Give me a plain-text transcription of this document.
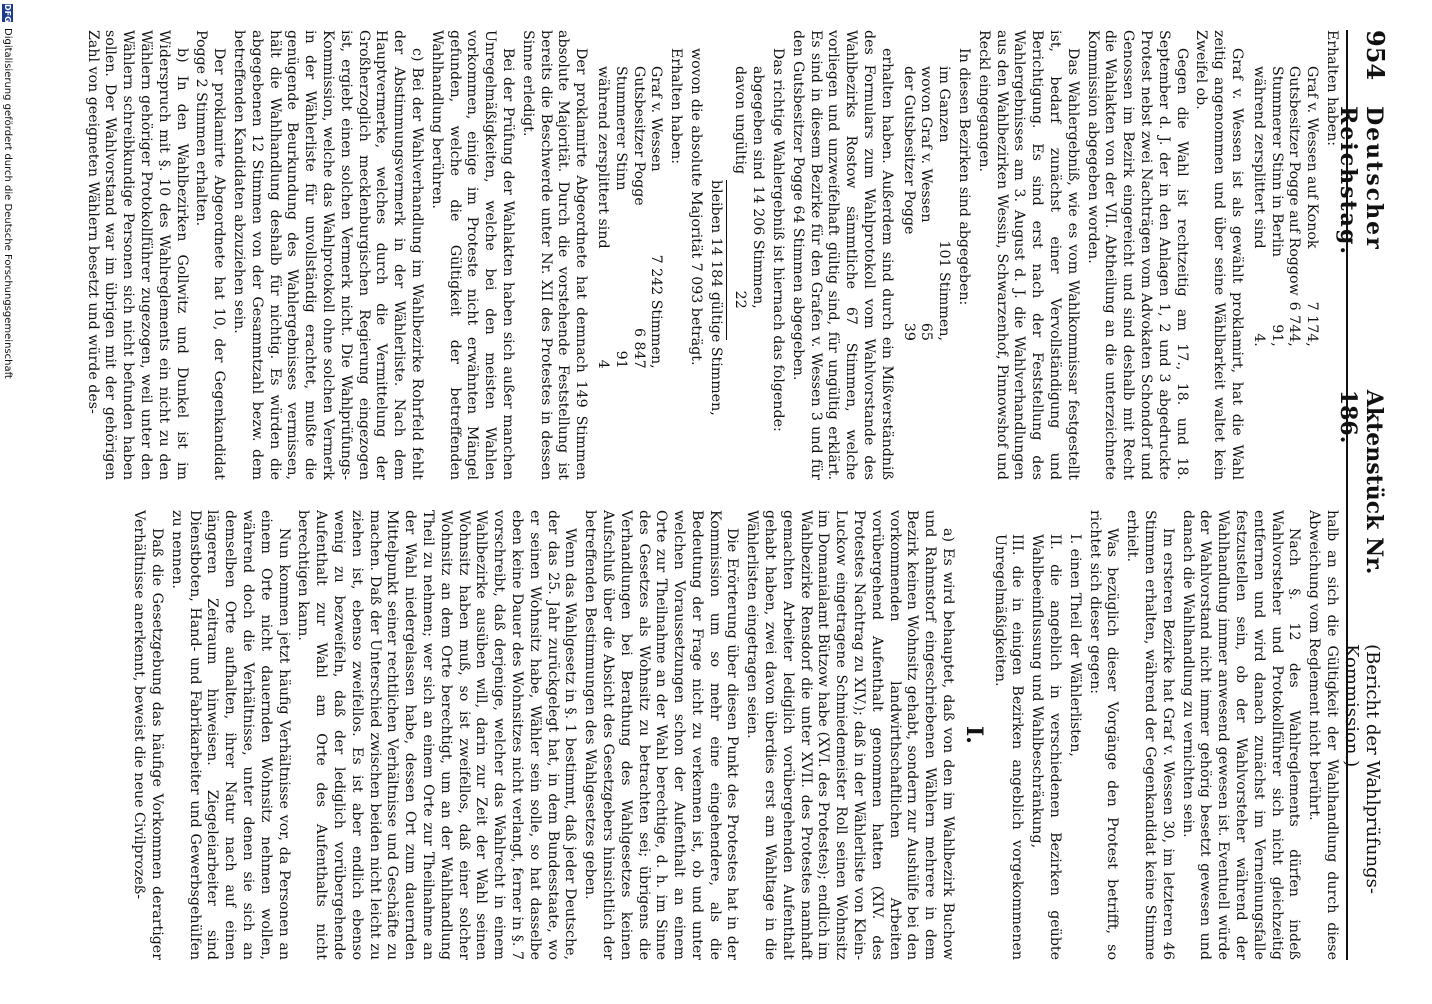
954
Deutscher Reichstag.
Aktenstück Nr. 186.
(Bericht der Wahlprüfungs-Kommission.)

Erhalten haben:

Graf v. Wessen auf Konok	7 174,
Gutsbesitzer Pogge auf Roggow	6 744,
Stummerer Stinn in Berlin	91,
während zersplittert sind	4.

Graf v. Wessen ist als gewählt proklamirt, hat die Wahl zeitig angenommen und über seine Wählbarkeit waltet kein Zweifel ob.

Gegen die Wahl ist rechtzeitig am 17., 18. und 18. September d. J. der in den Anlagen 1, 2 und 3 abgedruckte Protest nebst zwei Nachträgen vom Advokaten Schondorf und Genossen im Bezirk eingereicht und sind deshalb mit Recht die Wahlakten von der VII. Abtheilung an die unterzeichnete Kommission abgegeben worden.

Das Wahlergebniß, wie es vom Wahlkommissar festgestellt ist, bedarf zunächst einer Vervollständigung und Berichtigung. Es sind erst nach der Feststellung des Wahlergebnisses am 3. August d. J. die Wahlverhandlungen aus den Wahlbezirken Wessin, Schwarzenhof, Pinnowshof und Reckl eingegangen.

In diesen Bezirken sind abgegeben:

im Ganzen	101 Stimmen,
wovon Graf v. Wessen	65
der Gutsbesitzer Pogge	39

erhalten haben. Außerdem sind durch ein Mißverständniß des Formulars zum Wahlprotokoll vom Wahlvorstande des Wahlbezirks Rostow sämmtliche 67 Stimmen, welche vorliegen und unzweifelhaft gültig sind, für ungültig erklärt. Es sind in diesem Bezirke für den Grafen v. Wessen 3 und für den Gutsbesitzer Pogge 64 Stimmen abgegeben.

Das richtige Wahlergebniß ist hiernach das folgende:

abgegeben sind	14 206 Stimmen,
davon ungültig	22

bleiben 14 184 gültige Stimmen,

wovon die absolute Majorität 7 093 beträgt.

Erhalten haben:

Graf v. Wessen	7 242 Stimmen,
Gutsbesitzer Pogge	6 847
Stummerer Stinn	91
während zersplittert sind	4

Der proklamirte Abgeordnete hat demnach 149 Stimmen absolute Majorität. Durch die vorstehende Feststellung ist bereits die Beschwerde unter Nr. XII des Protestes in dessen Sinne erledigt.

Bei der Prüfung der Wahlakten haben sich außer manchen Unregelmäßigkeiten, welche bei den meisten Wahlen vorkommen, einige im Proteste nicht erwähnten Mängel gefunden, welche die Gültigkeit der betreffenden Wahlhandlung berühren.

c) Bei der Wahlverhandlung im Wahlbezirke Rohrfeld fehlt der Abstimmungsvermerk in der Wählerliste. Nach dem Hauptvermerke, welches durch die Vermittelung der Großherzoglich mecklenburgischen Regierung eingezogen ist, ergiebt einen solchen Vermerk nicht. Die Wahlprüfungs-Kommission, welche das Wahlprotokoll ohne solchen Vermerk in der Wählerliste für unvollständig erachtet, mußte die genügende Beurkundung des Wahlergebnisses vermissen, hält die Wahlhandlung deshalb für nichtig. Es würden die abgegebenen 12 Stimmen von der Gesammtzahl bezw. dem betreffenden Kandidaten abzuziehen sein.

Der proklamirte Abgeordnete hat 10, der Gegenkandidat Pogge 2 Stimmen erhalten.

b) In den Wahlbezirken Gollwitz und Dunkel ist im Widerspruch mit §. 10 des Wahlreglements ein nicht zu den Wählern gehöriger Protokollführer zugezogen, weil unter den Wählern schreibkundige Personen sich nicht befunden haben sollen. Der Wahlvorstand war im übrigen mit der gehörigen Zahl von geeigneten Wählern besetzt und würde des-

halb an sich die Gültigkeit der Wahlhandlung durch diese Abweichung vom Reglement nicht berührt.

Nach §. 12 des Wahlreglements dürfen indeß Wahlvorsteher und Protokollführer sich nicht gleichzeitig entfernen und wird danach zunächst im Verneinungsfalle festzustellen sein, ob der Wahlvorsteher während der Wahlhandlung immer anwesend gewesen ist. Eventuell würde der Wahlvorstand nicht immer gehörig besetzt gewesen und danach die Wahlhandlung zu vernichten sein.

Im ersteren Bezirke hat Graf v. Wessen 30, im letzteren 46 Stimmen erhalten, während der Gegenkandidat keine Stimme erhielt.

Was bezüglich dieser Vorgänge den Protest betrifft, so richtet sich dieser gegen:

I. einen Theil der Wählerlisten,

II. die angeblich in verschiedenen Bezirken geübte Wahlbeeinflussung und Wahlbeschränkung,

III. die in einigen Bezirken angeblich vorgekommenen Unregelmäßigkeiten.

I.

a) Es wird behauptet, daß von den im Wahlbezirk Buchow und Rahmstorf eingeschriebenen Wählern mehrere in dem Bezirk keinen Wohnsitz gehabt, sondern zur Aushülfe bei den vorkommenden landwirthschaftlichen Arbeiten vorübergehend Aufenthalt genommen hatten (XIV. des Protestes Nachtrag zu XIV.); daß in der Wählerliste von Klein-Luckow eingetragene Schmiedemeister Roll seinen Wohnsitz im Domanialamt Bützow habe (XVI. des Protestes); endlich im Wahlbezirke Rensdorf die unter XVII. des Protestes namhaft gemachten Arbeiter lediglich vorübergehenden Aufenthalt gehabt haben, zwei davon überdies erst am Wahltage in die Wählerlisten eingetragen seien.

Die Erörterung über diesen Punkt des Protestes hat in der Kommission um so mehr eine eingehendere, als die Bedeutung der Frage nicht zu verkennen ist, ob und unter welchen Voraussetzungen schon der Aufenthalt an einem Orte zur Theilnahme an der Wahl berechtige, d. h. im Sinne des Gesetzes als Wohnsitz zu betrachten sei; übrigens die Verhandlungen bei Berathung des Wahlgesetzes keinen Aufschluß über die Absicht des Gesetzgebers hinsichtlich der betreffenden Bestimmungen des Wahlgesetzes geben.

Wenn das Wahlgesetz in §. 1 bestimmt, daß jeder Deutsche, der das 25. Jahr zurückgelegt hat, in dem Bundesstaate, wo er seinen Wohnsitz habe, Wähler sein solle, so hat dasselbe eben keine Dauer des Wohnsitzes nicht verlangt, ferner in §. 7 vorschreibt, daß derjenige, welcher das Wahlrecht in einem Wahlbezirke ausüben will, darin zur Zeit der Wahl seinen Wohnsitz haben muß, so ist zweifellos, daß einer solcher Wohnsitz an dem Orte berechtigt, um an der Wahlhandlung Theil zu nehmen; wer sich an einem Orte zur Theilnahme an der Wahl niedergelassen habe, dessen Ort zum dauernden Mittelpunkt seiner rechtlichen Verhältnisse und Geschäfte zu machen. Daß der Unterschied zwischen beiden nicht leicht zu ziehen ist, ebenso zweifellos. Es ist aber endlich ebenso wenig zu bezweifeln, daß der lediglich vorübergehende Aufenthalt zur Wahl am Orte des Aufenthalts nicht berechtigen kann.

Nun kommen jetzt häufig Verhältnisse vor, da Personen an einem Orte nicht dauernden Wohnsitz nehmen wollen, während doch die Verhältnisse, unter denen sie sich an demselben Orte aufhalten, ihrer Natur nach auf einen längeren Zeitraum hinweisen. Ziegeleiarbeiter sind Dienstboten, Hand- und Fabrikarbeiter und Gewerbsgehülfen zu nennen.

Daß die Gesetzgebung das häufige Vorkommen derartiger Verhältnisse anerkennt, beweist die neue Civilprozeß-

DFG
Digitalisierung gefördert durch die Deutsche Forschungsgemeinschaft
